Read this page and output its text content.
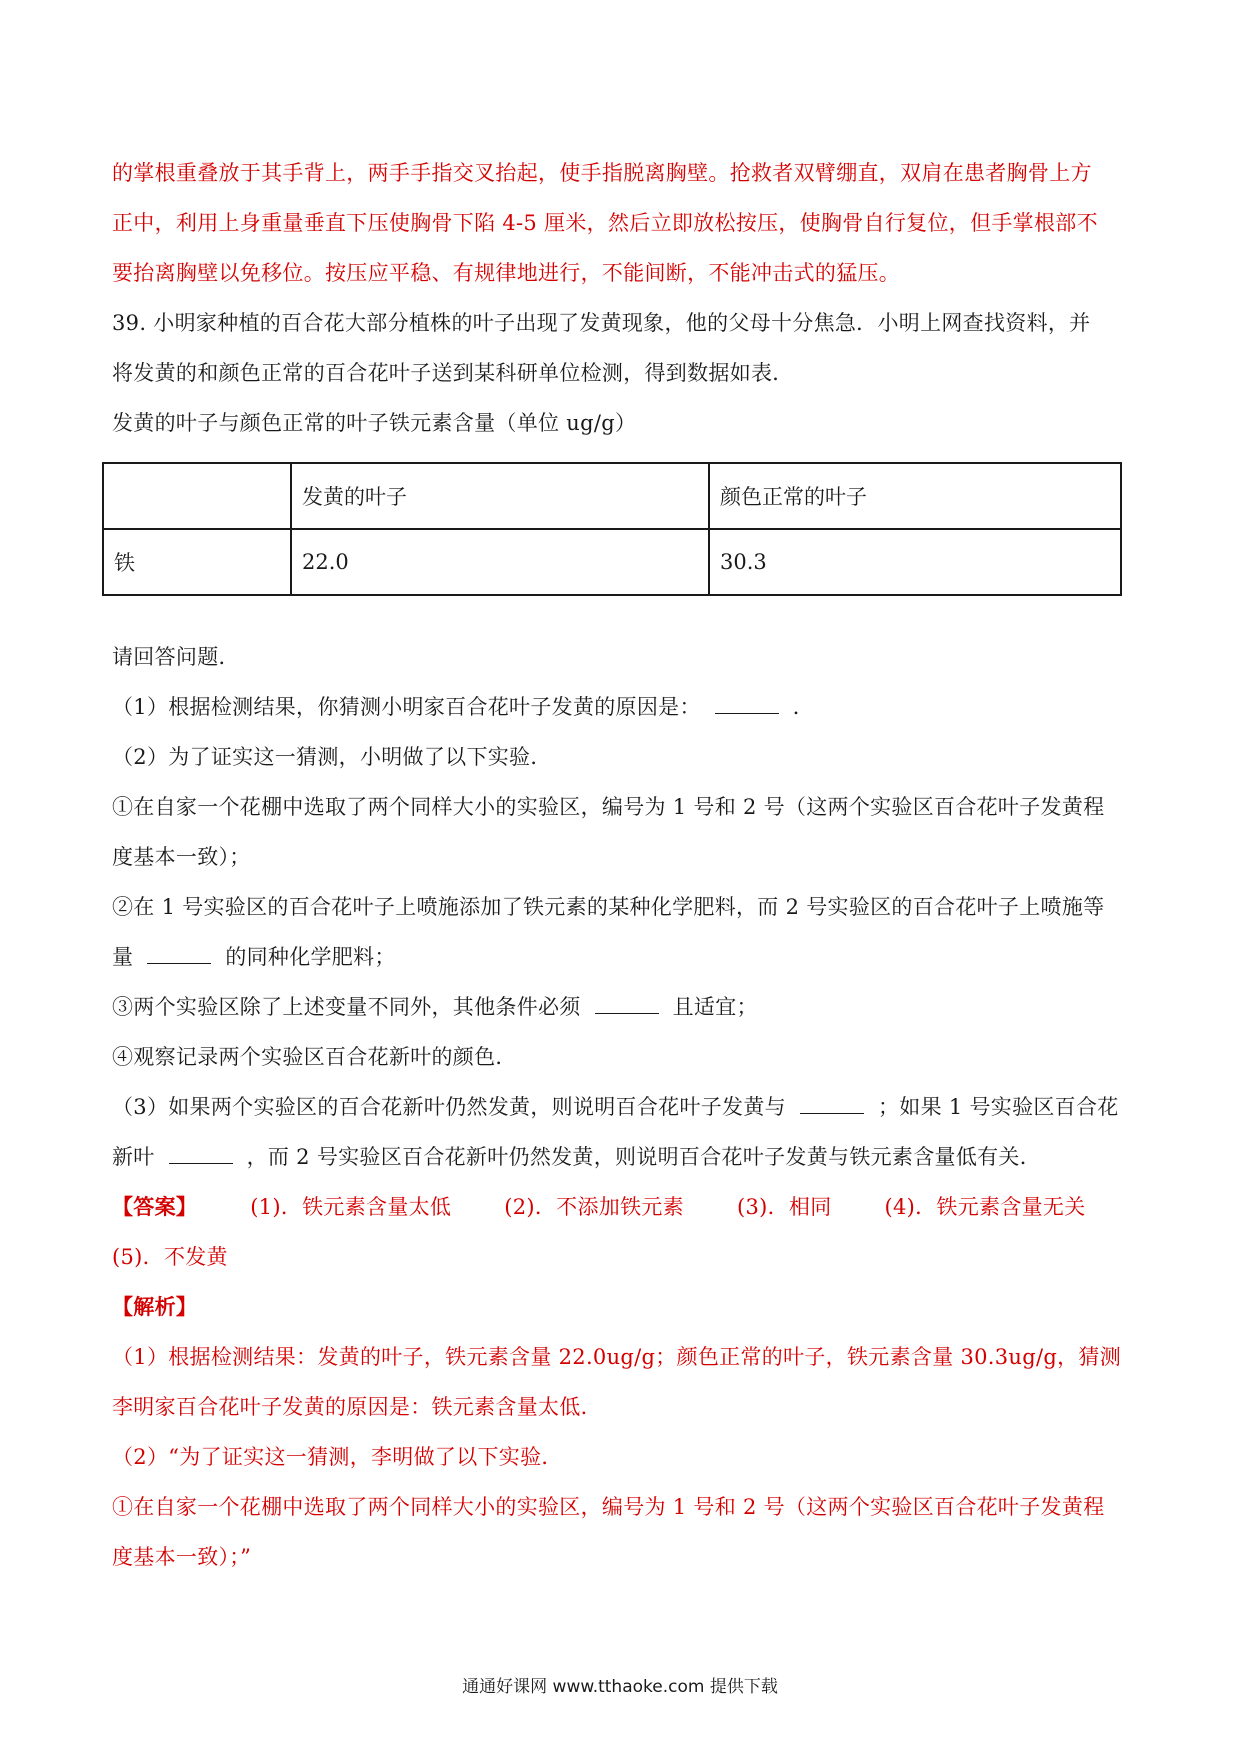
的掌根重叠放于其手背上，两手手指交叉抬起，使手指脱离胸壁。抢救者双臂绷直，双肩在患者胸骨上方

正中，利用上身重量垂直下压使胸骨下陷 4-5 厘米，然后立即放松按压，使胸骨自行复位，但手掌根部不

要抬离胸壁以免移位。按压应平稳、有规律地进行，不能间断，不能冲击式的猛压。

39. 小明家种植的百合花大部分植株的叶子出现了发黄现象，他的父母十分焦急．小明上网查找资料，并

将发黄的和颜色正常的百合花叶子送到某科研单位检测，得到数据如表．

发黄的叶子与颜色正常的叶子铁元素含量（单位 ug/g）

	发黄的叶子	颜色正常的叶子
铁	22.0	30.3

请回答问题．

（1）根据检测结果，你猜测小明家百合花叶子发黄的原因是：	．

（2）为了证实这一猜测，小明做了以下实验．

①在自家一个花棚中选取了两个同样大小的实验区，编号为 1 号和 2 号（这两个实验区百合花叶子发黄程

度基本一致）；

②在 1 号实验区的百合花叶子上喷施添加了铁元素的某种化学肥料，而 2 号实验区的百合花叶子上喷施等

量	的同种化学肥料；

③两个实验区除了上述变量不同外，其他条件必须	且适宜；

④观察记录两个实验区百合花新叶的颜色．

（3）如果两个实验区的百合花新叶仍然发黄，则说明百合花叶子发黄与	；如果 1 号实验区百合花

新叶	，而 2 号实验区百合花新叶仍然发黄，则说明百合花叶子发黄与铁元素含量低有关．

【答案】	(1)．铁元素含量太低	(2)．不添加铁元素	(3)．相同	(4)．铁元素含量无关

(5)．不发黄

【解析】

（1）根据检测结果：发黄的叶子，铁元素含量 22.0ug/g；颜色正常的叶子，铁元素含量 30.3ug/g，猜测

李明家百合花叶子发黄的原因是：铁元素含量太低．

（2）“为了证实这一猜测，李明做了以下实验．

①在自家一个花棚中选取了两个同样大小的实验区，编号为 1 号和 2 号（这两个实验区百合花叶子发黄程

度基本一致）；”

通通好课网 www.tthaoke.com 提供下载
